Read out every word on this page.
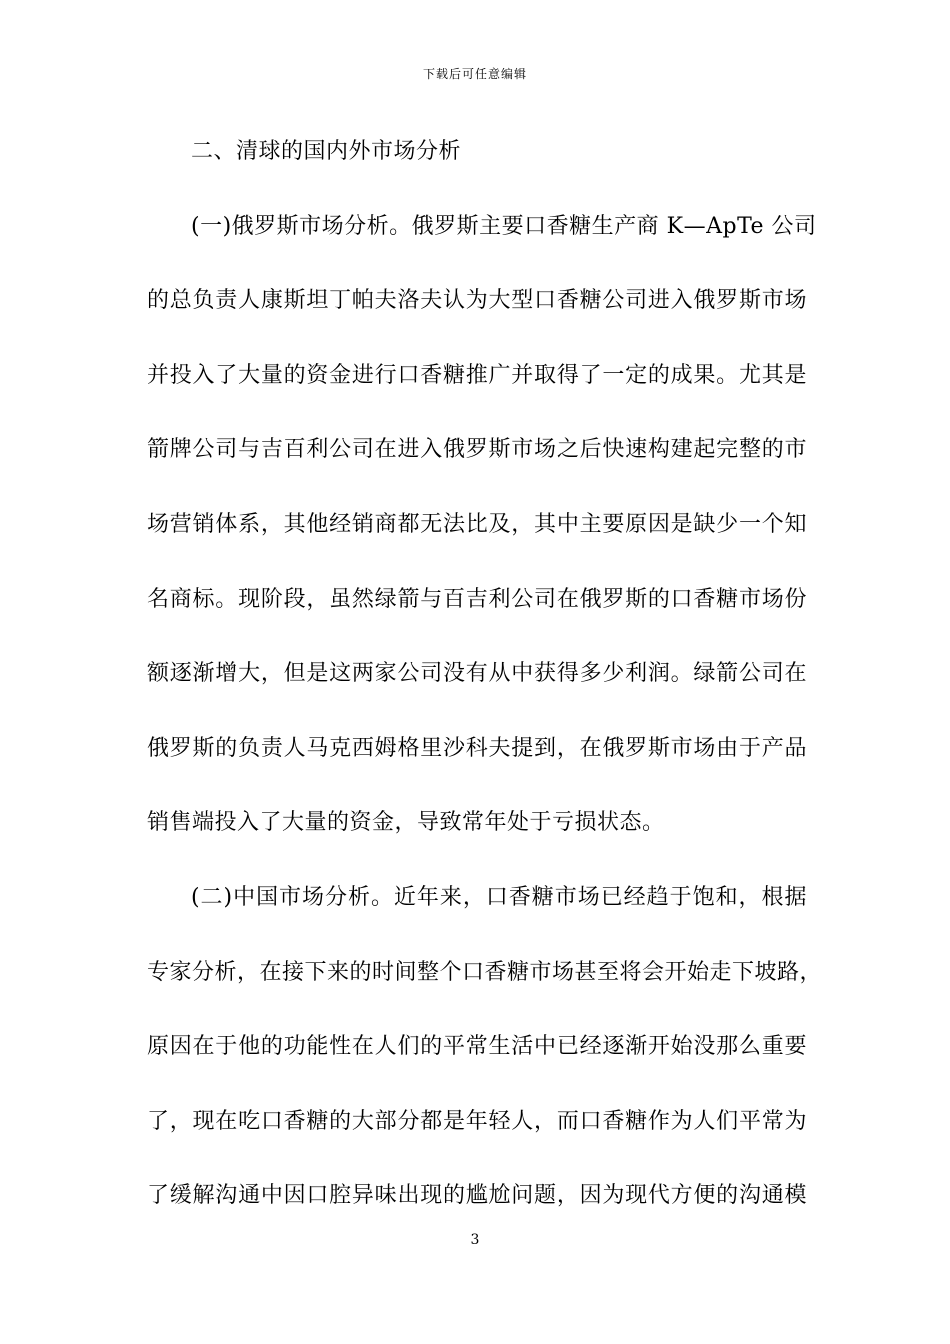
下载后可任意编辑
二、清球的国内外市场分析
(一)俄罗斯市场分析。俄罗斯主要口香糖生产商 K—ApTe 公司
的总负责人康斯坦丁帕夫洛夫认为大型口香糖公司进入俄罗斯市场
并投入了大量的资金进行口香糖推广并取得了一定的成果。尤其是
箭牌公司与吉百利公司在进入俄罗斯市场之后快速构建起完整的市
场营销体系，其他经销商都无法比及，其中主要原因是缺少一个知
名商标。现阶段，虽然绿箭与百吉利公司在俄罗斯的口香糖市场份
额逐渐增大，但是这两家公司没有从中获得多少利润。绿箭公司在
俄罗斯的负责人马克西姆格里沙科夫提到，在俄罗斯市场由于产品
销售端投入了大量的资金，导致常年处于亏损状态。
(二)中国市场分析。近年来，口香糖市场已经趋于饱和，根据
专家分析，在接下来的时间整个口香糖市场甚至将会开始走下坡路，
原因在于他的功能性在人们的平常生活中已经逐渐开始没那么重要
了，现在吃口香糖的大部分都是年轻人，而口香糖作为人们平常为
了缓解沟通中因口腔异味出现的尴尬问题，因为现代方便的沟通模
3
